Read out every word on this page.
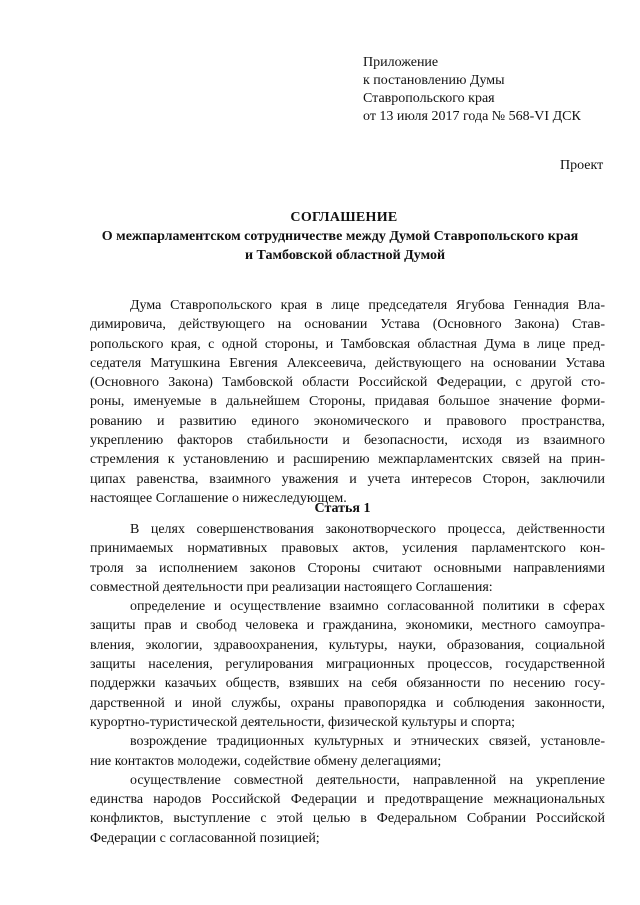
Приложение
к постановлению Думы
Ставропольского края
от 13 июля 2017 года № 568-VI ДСК
Проект
СОГЛАШЕНИЕ
О межпарламентском сотрудничестве между Думой Ставропольского края
и Тамбовской областной Думой
Дума Ставропольского края в лице председателя Ягубова Геннадия Вла-
димировича, действующего на основании Устава (Основного Закона) Став-
ропольского края, с одной стороны, и Тамбовская областная Дума в лице пред-
седателя Матушкина Евгения Алексеевича, действующего на основании Устава
(Основного Закона) Тамбовской области Российской Федерации, с другой сто-
роны, именуемые в дальнейшем Стороны, придавая большое значение форми-
рованию и развитию единого экономического и правового пространства,
укреплению факторов стабильности и безопасности, исходя из взаимного
стремления к установлению и расширению межпарламентских связей на прин-
ципах равенства, взаимного уважения и учета интересов Сторон, заключили
настоящее Соглашение о нижеследующем.
Статья 1
В целях совершенствования законотворческого процесса, действенности
принимаемых нормативных правовых актов, усиления парламентского кон-
троля за исполнением законов Стороны считают основными направлениями
совместной деятельности при реализации настоящего Соглашения:
определение и осуществление взаимно согласованной политики в сферах
защиты прав и свобод человека и гражданина, экономики, местного самоупра-
вления, экологии, здравоохранения, культуры, науки, образования, социальной
защиты населения, регулирования миграционных процессов, государственной
поддержки казачьих обществ, взявших на себя обязанности по несению госу-
дарственной и иной службы, охраны правопорядка и соблюдения законности,
курортно-туристической деятельности, физической культуры и спорта;
возрождение традиционных культурных и этнических связей, установле-
ние контактов молодежи, содействие обмену делегациями;
осуществление совместной деятельности, направленной на укрепление
единства народов Российской Федерации и предотвращение межнациональных
конфликтов, выступление с этой целью в Федеральном Собрании Российской
Федерации с согласованной позицией;
